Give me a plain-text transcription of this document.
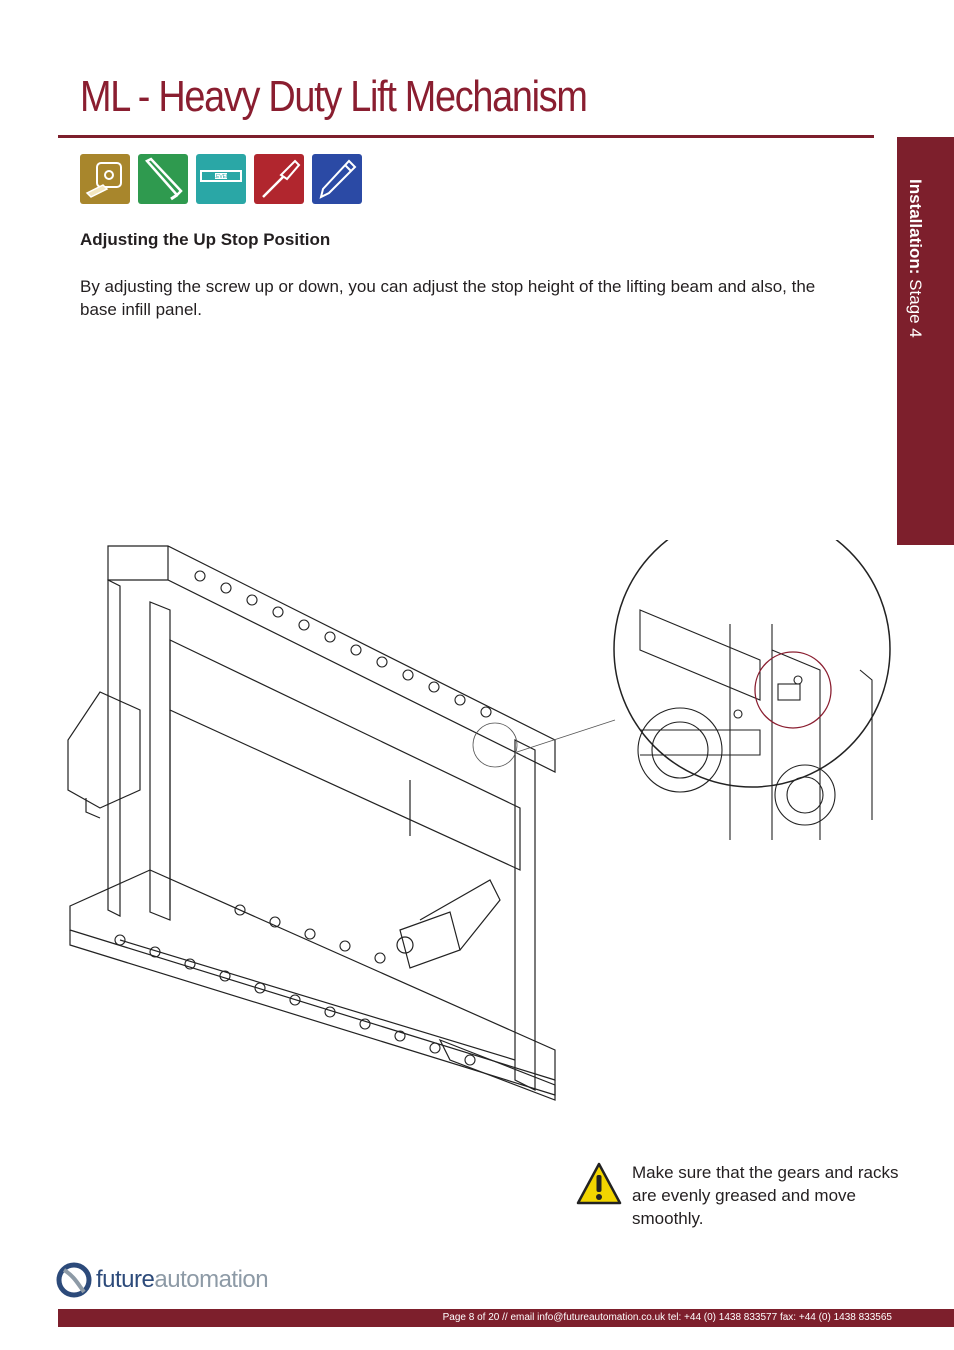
ML - Heavy Duty Lift Mechanism
Installation: Stage 4
LEVEL
Adjusting the Up Stop Position
By adjusting the screw up or down, you can adjust the stop height of the lifting beam and also, the base infill panel.
Make sure that the gears and racks are evenly greased and move smoothly.
future automation
Page 8 of 20 // email info@futureautomation.co.uk tel: +44 (0) 1438 833577 fax: +44 (0) 1438 833565
